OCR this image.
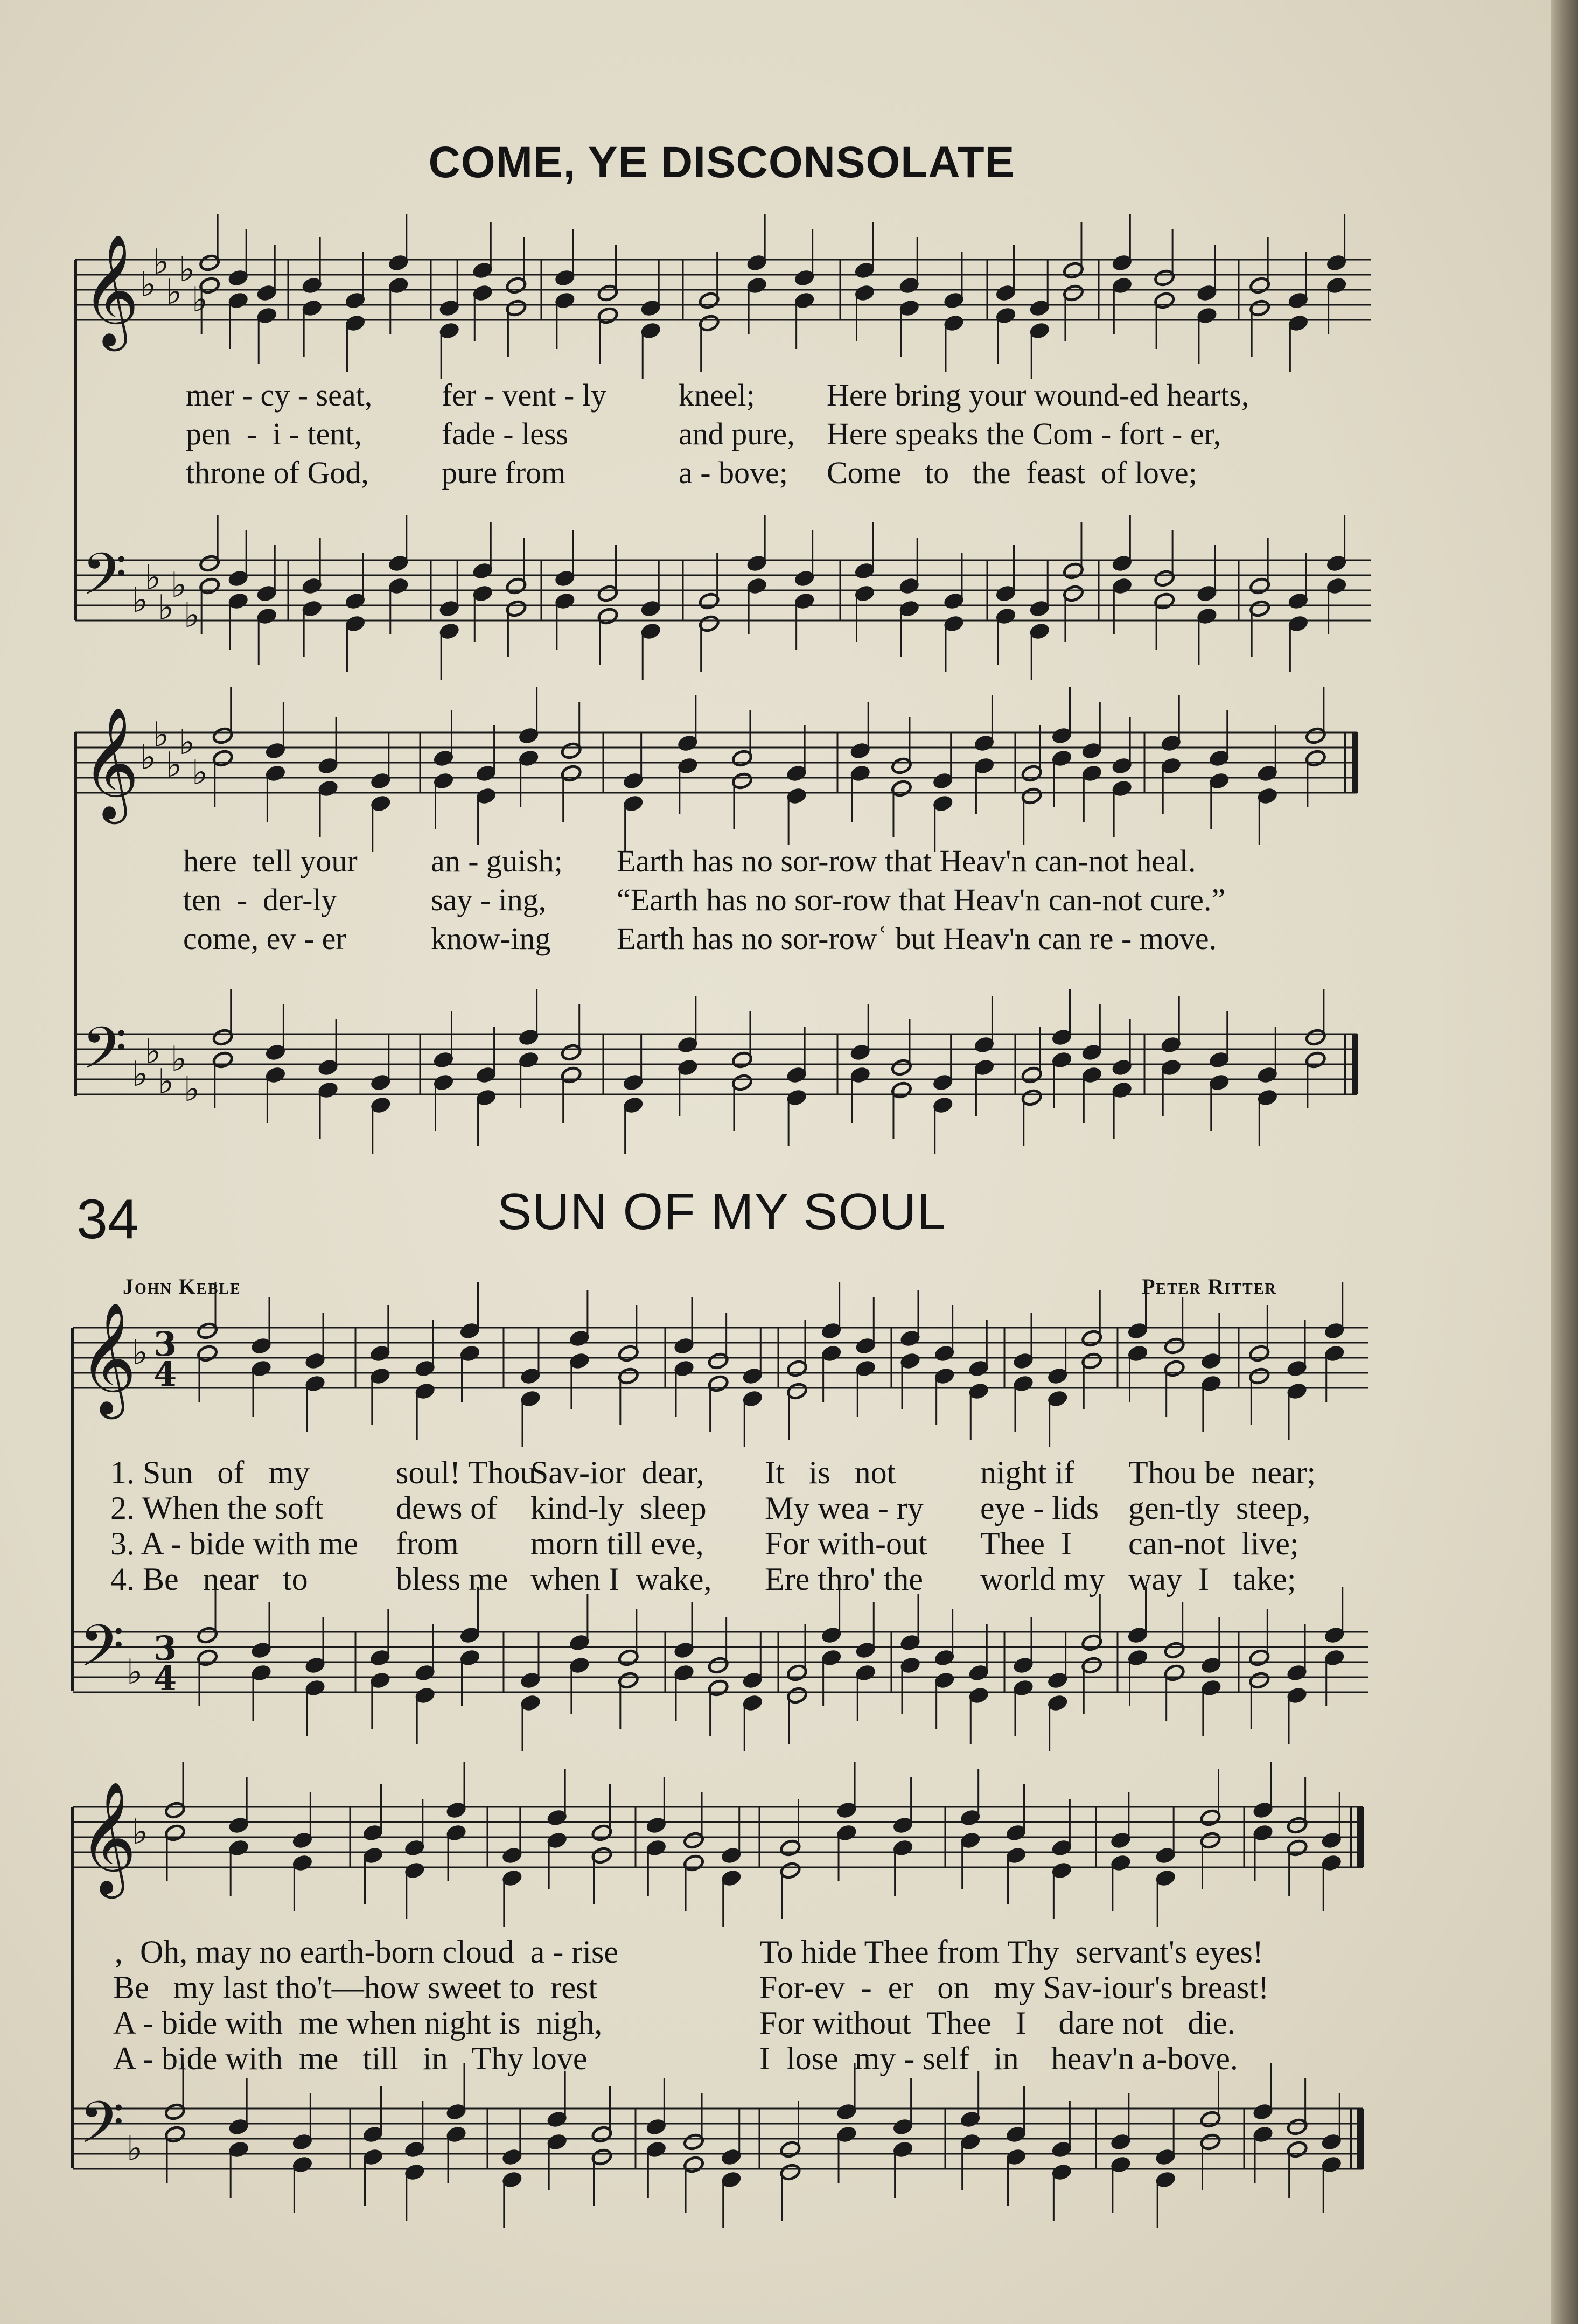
COME, YE DISCONSOLATE
𝄞 ♭
♭
♭
♭
♭
𝄢 ♭
♭
♭
♭
♭
𝄞 ♭
♭
♭
♭
♭
𝄢 ♭
♭
♭
♭
♭
𝄞
♭ 3
4
𝄢 ♭
3
4
𝄞
♭
𝄢 ♭
mer - cy - seat, fer - vent - ly kneel; Here bring your wound-ed hearts,
pen  -  i - tent,	fade - less	and pure, Here speaks the Com - fort - er,
throne of God, pure from	a - bove; Come   to   the  feast  of love;
here  tell your an - guish; Earth has no sor-row that Heav'n can-not heal.
ten  -  der-ly	say - ing, “Earth has no sor-row that Heav'n can-not cure.”
come, ev - er	know-ing Earth has no sor-rowʿ but Heav'n can re - move.
34	SUN OF MY SOUL
John Keble	Peter Ritter
1. Sun   of   my	soul! Thou
Sav-ior  dear, It   is   not	night if Thou be  near;
2. When the soft dews of kind-ly  sleep My wea - ry eye - lids gen-tly  steep,
3. A - bide with me from morn till eve, For with-out Thee  I can-not  live;
4. Be   near   to	bless me when I  wake, Ere thro' the world my way  I   take;
‚  Oh, may no earth-born cloud  a - rise	To hide Thee from Thy  servant's eyes!
Be   my last tho't—how sweet to  rest	For-ev  -  er   on   my Sav-iour's breast!
A - bide with  me when night is  nigh,	For without  Thee   I    dare not   die.
A - bide with  me   till   in   Thy love	I  lose  my - self   in    heav'n a-bove.
